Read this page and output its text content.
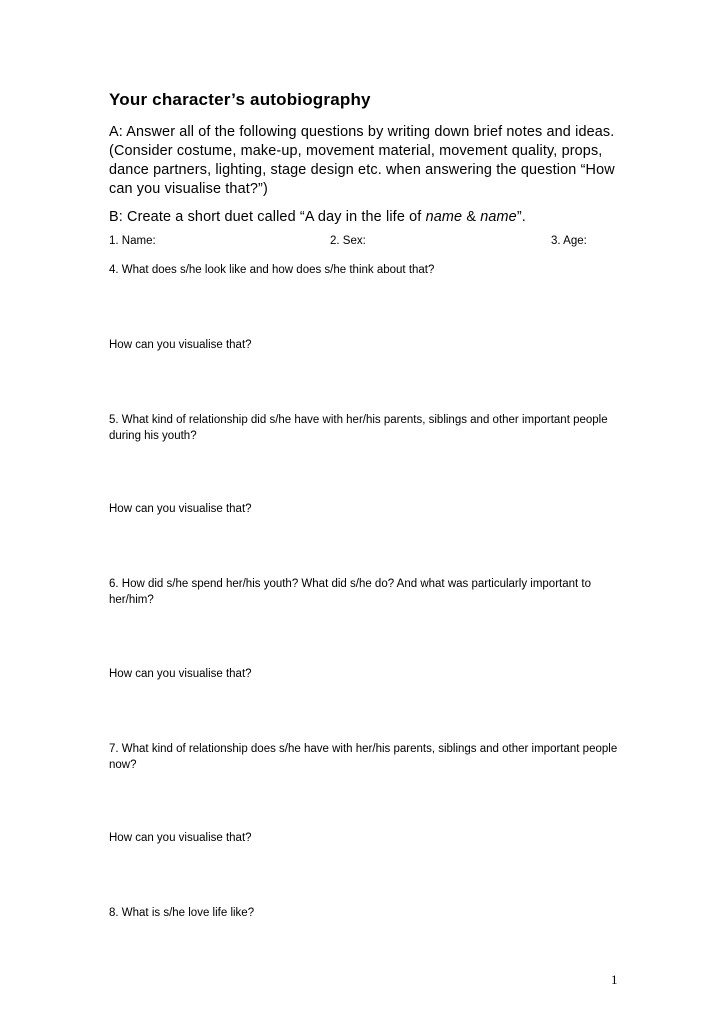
Your character’s autobiography
A: Answer all of the following questions by writing down brief notes and ideas. (Consider costume, make-up, movement material, movement quality, props, dance partners, lighting, stage design etc. when answering the question “How can you visualise that?”)
B: Create a short duet called “A day in the life of name & name”.
1. Name:	2. Sex:	3. Age:
4. What does s/he look like and how does s/he think about that?
How can you visualise that?
5. What kind of relationship did s/he have with her/his parents, siblings and other important people during his youth?
How can you visualise that?
6. How did s/he spend her/his youth? What did s/he do? And what was particularly important to her/him?
How can you visualise that?
7. What kind of relationship does s/he have with her/his parents, siblings and other important people now?
How can you visualise that?
8. What is s/he love life like?
1
